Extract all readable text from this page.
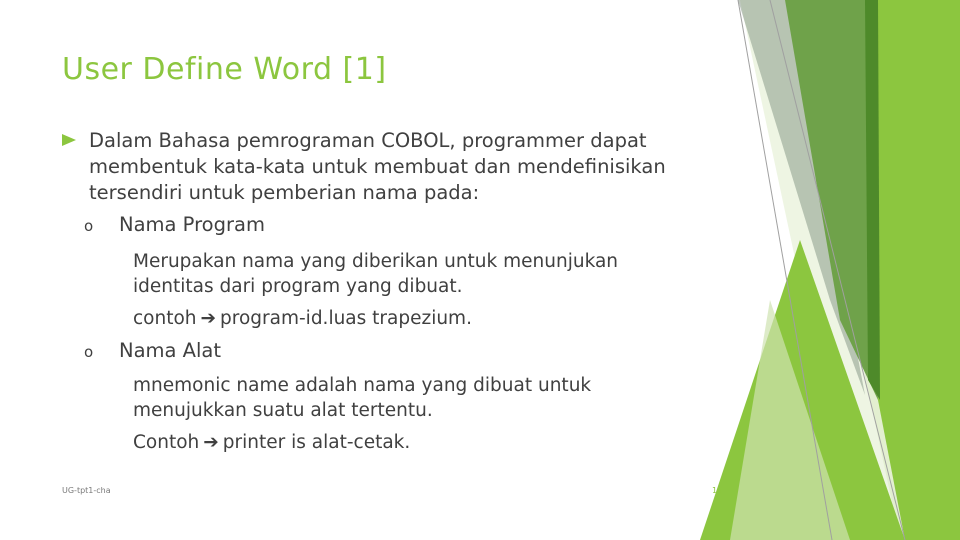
User Define Word [1]
Dalam Bahasa pemrograman COBOL, programmer dapat membentuk kata-kata untuk membuat dan mendefinisikan tersendiri untuk pemberian nama pada:
o Nama Program
Merupakan nama yang diberikan untuk menunjukan identitas dari program yang dibuat.
contoh ➔ program-id.luas trapezium.
o Nama Alat
mnemonic name adalah nama yang dibuat untuk menujukkan suatu alat tertentu.
Contoh ➔ printer is alat-cetak.
UG-tpt1-cha	15
